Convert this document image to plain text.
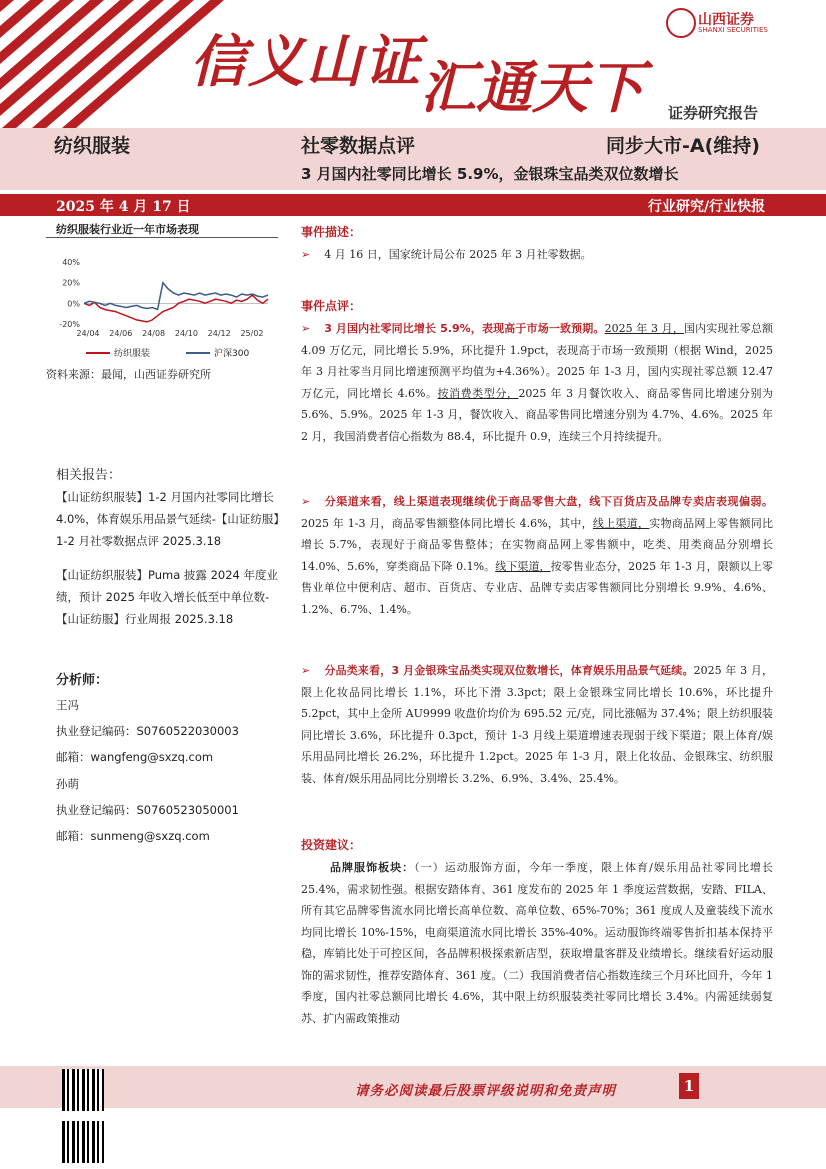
信义山证
汇通天下
山西证券
SHANXI SECURITIES
证券研究报告
纺织服装	社零数据点评	同步大市-A(维持)
3 月国内社零同比增长 5.9%，金银珠宝品类双位数增长
2025 年 4 月 17 日	行业研究/行业快报
纺织服装行业近一年市场表现
40%
20%
0%
-20%
24/04 24/06 24/08 24/10 24/12 25/02
纺织服装	沪深300
资料来源：最闻，山西证券研究所
相关报告：
【山证纺织服装】1-2 月国内社零同比增长 4.0%，体育娱乐用品景气延续-【山证纺服】1-2 月社零数据点评 2025.3.18
【山证纺织服装】Puma 披露 2024 年度业绩，预计 2025 年收入增长低至中单位数-【山证纺服】行业周报 2025.3.18
分析师：
王冯
执业登记编码：S0760522030003
邮箱：wangfeng@sxzq.com
孙萌
执业登记编码：S0760523050001
邮箱：sunmeng@sxzq.com
事件描述：
➢ 4 月 16 日，国家统计局公布 2025 年 3 月社零数据。
事件点评：
➢ 3 月国内社零同比增长 5.9%，表现高于市场一致预期。2025 年 3 月，国内实现社零总额 4.09 万亿元，同比增长 5.9%，环比提升 1.9pct，表现高于市场一致预期（根据 Wind，2025 年 3 月社零当月同比增速预测平均值为+4.36%）。2025 年 1-3 月，国内实现社零总额 12.47 万亿元，同比增长 4.6%。按消费类型分，2025 年 3 月餐饮收入、商品零售同比增速分别为 5.6%、5.9%。2025 年 1-3 月，餐饮收入、商品零售同比增速分别为 4.7%、4.6%。2025 年 2 月，我国消费者信心指数为 88.4，环比提升 0.9，连续三个月持续提升。
➢ 分渠道来看，线上渠道表现继续优于商品零售大盘，线下百货店及品牌专卖店表现偏弱。2025 年 1-3 月，商品零售额整体同比增长 4.6%，其中，线上渠道，实物商品网上零售额同比增长 5.7%，表现好于商品零售整体；在实物商品网上零售额中，吃类、用类商品分别增长 14.0%、5.6%，穿类商品下降 0.1%。线下渠道，按零售业态分，2025 年 1-3 月，限额以上零售业单位中便利店、超市、百货店、专业店、品牌专卖店零售额同比分别增长 9.9%、4.6%、1.2%、6.7%、1.4%。
➢ 分品类来看，3 月金银珠宝品类实现双位数增长，体育娱乐用品景气延续。2025 年 3 月，限上化妆品同比增长 1.1%，环比下滑 3.3pct；限上金银珠宝同比增长 10.6%，环比提升 5.2pct，其中上金所 AU9999 收盘价均价为 695.52 元/克，同比涨幅为 37.4%；限上纺织服装同比增长 3.6%，环比提升 0.3pct，预计 1-3 月线上渠道增速表现弱于线下渠道；限上体育/娱乐用品同比增长 26.2%，环比提升 1.2pct。2025 年 1-3 月，限上化妆品、金银珠宝、纺织服装、体育/娱乐用品同比分别增长 3.2%、6.9%、3.4%、25.4%。
投资建议：
品牌服饰板块：（一）运动服饰方面，今年一季度，限上体育/娱乐用品社零同比增长 25.4%，需求韧性强。根据安踏体育、361 度发布的 2025 年 1 季度运营数据，安踏、FILA、所有其它品牌零售流水同比增长高单位数、高单位数、65%-70%；361 度成人及童装线下流水均同比增长 10%-15%，电商渠道流水同比增长 35%-40%。运动服饰终端零售折扣基本保持平稳，库销比处于可控区间，各品牌积极探索新店型，获取增量客群及业绩增长。继续看好运动服饰的需求韧性，推荐安踏体育、361 度。（二）我国消费者信心指数连续三个月环比回升，今年 1 季度，国内社零总额同比增长 4.6%，其中限上纺织服装类社零同比增长 3.4%。内需延续弱复苏、扩内需政策推动
请务必阅读最后股票评级说明和免责声明	1
